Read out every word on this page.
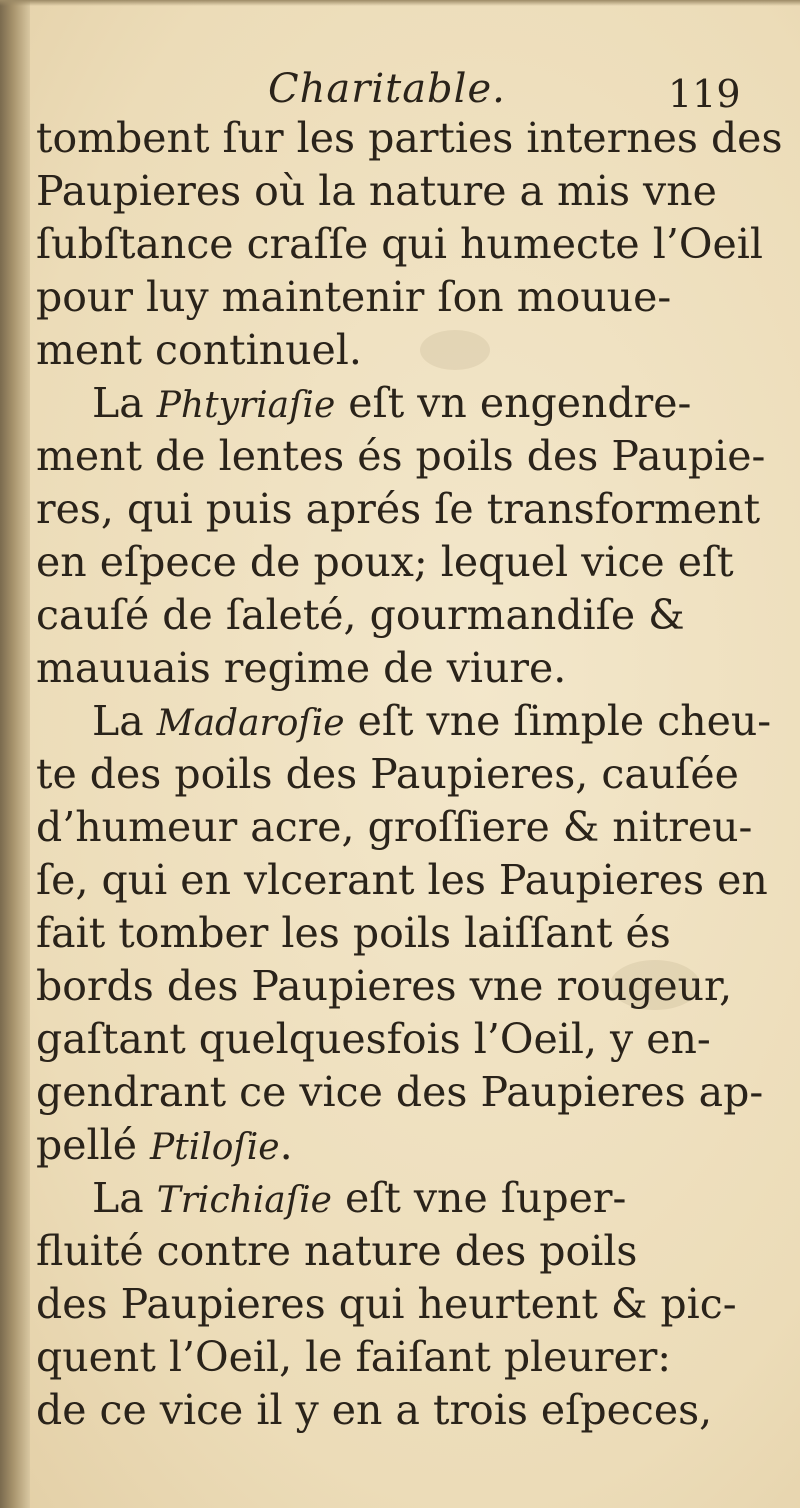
Charitable.	119
tombent ſur les parties internes des
Paupieres où la nature a mis vne
ſubſtance craſſe qui humecte l’Oeil
pour luy maintenir ſon mouue-
ment continuel.
La Phtyriaſie eſt vn engendre-
ment de lentes és poils des Paupie-
res, qui puis aprés ſe transforment
en eſpece de poux; lequel vice eſt
cauſé de ſaleté, gourmandiſe &
mauuais regime de viure.
La Madaroſie eſt vne ſimple cheu-
te des poils des Paupieres, cauſée
d’humeur acre, groſſiere & nitreu-
ſe, qui en vlcerant les Paupieres en
fait tomber les poils laiſſant és
bords des Paupieres vne rougeur,
gaſtant quelquesfois l’Oeil, y en-
gendrant ce vice des Paupieres ap-
pellé Ptiloſie.
La Trichiaſie eſt vne ſuper-
fluité contre nature des poils
des Paupieres qui heurtent & pic-
quent l’Oeil, le faiſant pleurer:
de ce vice il y en a trois eſpeces,
